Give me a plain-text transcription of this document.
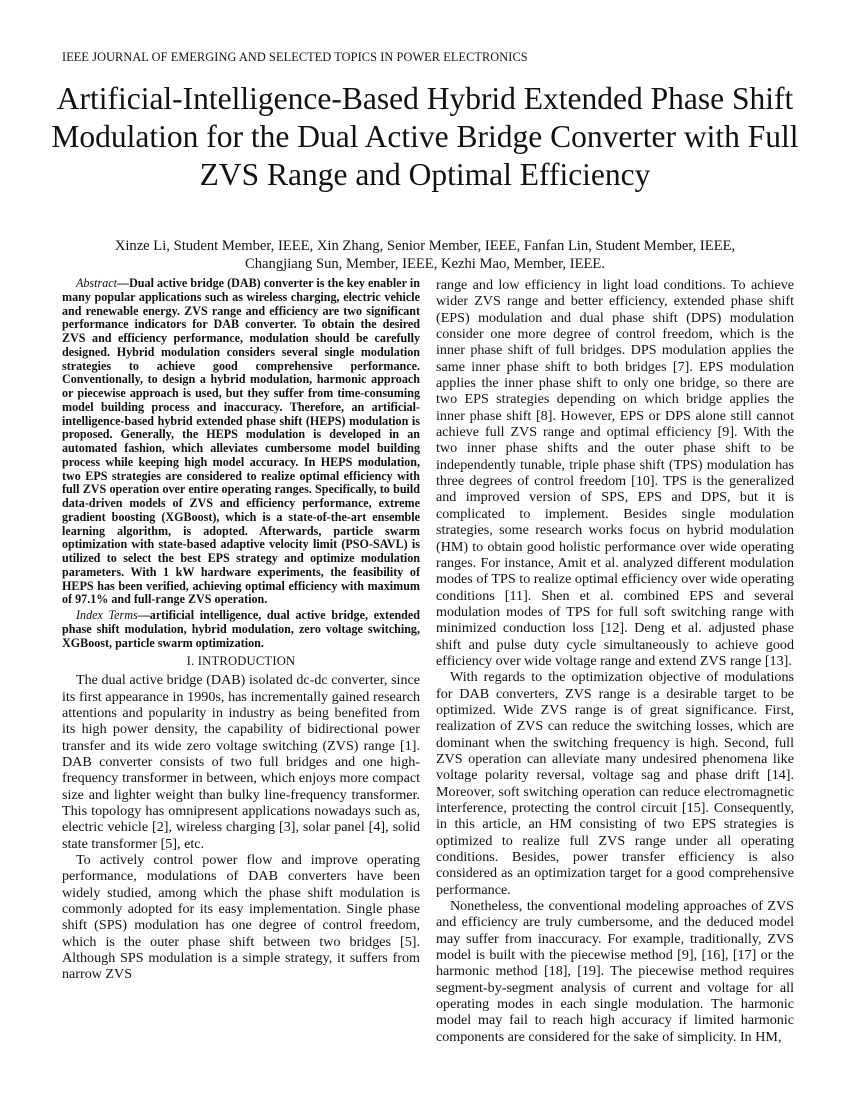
IEEE JOURNAL OF EMERGING AND SELECTED TOPICS IN POWER ELECTRONICS
Artificial-Intelligence-Based Hybrid Extended Phase Shift Modulation for the Dual Active Bridge Converter with Full ZVS Range and Optimal Efficiency
Xinze Li, Student Member, IEEE, Xin Zhang, Senior Member, IEEE, Fanfan Lin, Student Member, IEEE,
Changjiang Sun, Member, IEEE, Kezhi Mao, Member, IEEE.

Abstract—Dual active bridge (DAB) converter is the key enabler in many popular applications such as wireless charging, electric vehicle and renewable energy. ZVS range and efficiency are two significant performance indicators for DAB converter. To obtain the desired ZVS and efficiency performance, modulation should be carefully designed. Hybrid modulation considers several single modulation strategies to achieve good comprehensive performance. Conventionally, to design a hybrid modulation, harmonic approach or piecewise approach is used, but they suffer from time-consuming model building process and inaccuracy. Therefore, an artificial-intelligence-based hybrid extended phase shift (HEPS) modulation is proposed. Generally, the HEPS modulation is developed in an automated fashion, which alleviates cumbersome model building process while keeping high model accuracy. In HEPS modulation, two EPS strategies are considered to realize optimal efficiency with full ZVS operation over entire operating ranges. Specifically, to build data-driven models of ZVS and efficiency performance, extreme gradient boosting (XGBoost), which is a state-of-the-art ensemble learning algorithm, is adopted. Afterwards, particle swarm optimization with state-based adaptive velocity limit (PSO-SAVL) is utilized to select the best EPS strategy and optimize modulation parameters. With 1 kW hardware experiments, the feasibility of HEPS has been verified, achieving optimal efficiency with maximum of 97.1% and full-range ZVS operation.

Index Terms—artificial intelligence, dual active bridge, extended phase shift modulation, hybrid modulation, zero voltage switching, XGBoost, particle swarm optimization.

I. INTRODUCTION

The dual active bridge (DAB) isolated dc-dc converter, since its first appearance in 1990s, has incrementally gained research attentions and popularity in industry as being benefited from its high power density, the capability of bidirectional power transfer and its wide zero voltage switching (ZVS) range [1]. DAB converter consists of two full bridges and one high-frequency transformer in between, which enjoys more compact size and lighter weight than bulky line-frequency transformer. This topology has omnipresent applications nowadays such as, electric vehicle [2], wireless charging [3], solar panel [4], solid state transformer [5], etc.

To actively control power flow and improve operating performance, modulations of DAB converters have been widely studied, among which the phase shift modulation is commonly adopted for its easy implementation. Single phase shift (SPS) modulation has one degree of control freedom, which is the outer phase shift between two bridges [5]. Although SPS modulation is a simple strategy, it suffers from narrow ZVS

range and low efficiency in light load conditions. To achieve wider ZVS range and better efficiency, extended phase shift (EPS) modulation and dual phase shift (DPS) modulation consider one more degree of control freedom, which is the inner phase shift of full bridges. DPS modulation applies the same inner phase shift to both bridges [7]. EPS modulation applies the inner phase shift to only one bridge, so there are two EPS strategies depending on which bridge applies the inner phase shift [8]. However, EPS or DPS alone still cannot achieve full ZVS range and optimal efficiency [9]. With the two inner phase shifts and the outer phase shift to be independently tunable, triple phase shift (TPS) modulation has three degrees of control freedom [10]. TPS is the generalized and improved version of SPS, EPS and DPS, but it is complicated to implement. Besides single modulation strategies, some research works focus on hybrid modulation (HM) to obtain good holistic performance over wide operating ranges. For instance, Amit et al. analyzed different modulation modes of TPS to realize optimal efficiency over wide operating conditions [11]. Shen et al. combined EPS and several modulation modes of TPS for full soft switching range with minimized conduction loss [12]. Deng et al. adjusted phase shift and pulse duty cycle simultaneously to achieve good efficiency over wide voltage range and extend ZVS range [13].

With regards to the optimization objective of modulations for DAB converters, ZVS range is a desirable target to be optimized. Wide ZVS range is of great significance. First, realization of ZVS can reduce the switching losses, which are dominant when the switching frequency is high. Second, full ZVS operation can alleviate many undesired phenomena like voltage polarity reversal, voltage sag and phase drift [14]. Moreover, soft switching operation can reduce electromagnetic interference, protecting the control circuit [15]. Consequently, in this article, an HM consisting of two EPS strategies is optimized to realize full ZVS range under all operating conditions. Besides, power transfer efficiency is also considered as an optimization target for a good comprehensive performance.

Nonetheless, the conventional modeling approaches of ZVS and efficiency are truly cumbersome, and the deduced model may suffer from inaccuracy. For example, traditionally, ZVS model is built with the piecewise method [9], [16], [17] or the harmonic method [18], [19]. The piecewise method requires segment-by-segment analysis of current and voltage for all operating modes in each single modulation. The harmonic model may fail to reach high accuracy if limited harmonic components are considered for the sake of simplicity. In HM,
